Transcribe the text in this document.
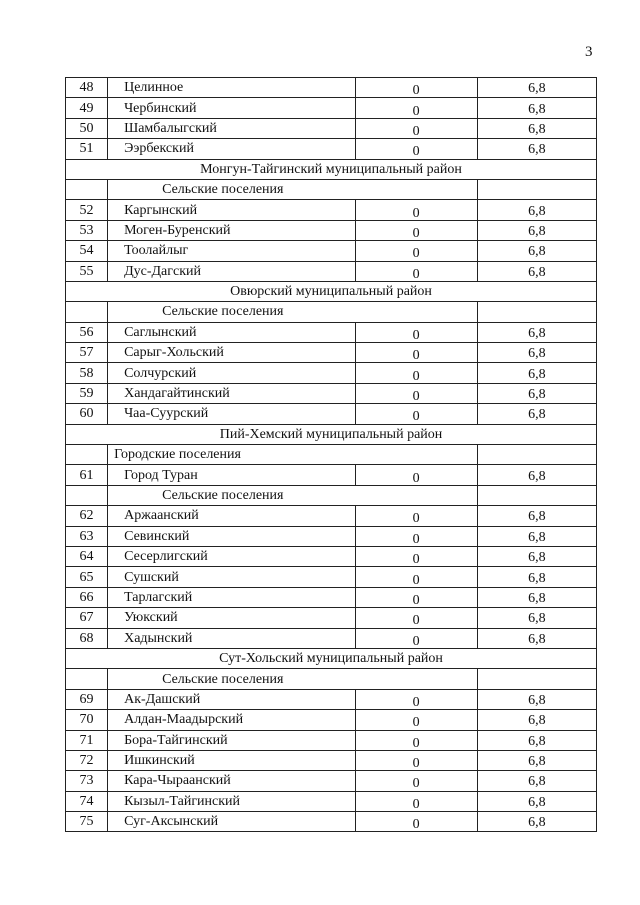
3
48	Целинное	0	6,8
49	Чербинский	0	6,8
50	Шамбалыгский	0	6,8
51	Ээрбекский	0	6,8
Монгун-Тайгинский муниципальный район			
	Сельские поселения		
52	Каргынский	0	6,8
53	Моген-Буренский	0	6,8
54	Тоолайлыг	0	6,8
55	Дус-Дагский	0	6,8
Овюрский муниципальный район			
	Сельские поселения		
56	Саглынский	0	6,8
57	Сарыг-Хольский	0	6,8
58	Солчурский	0	6,8
59	Хандагайтинский	0	6,8
60	Чаа-Суурский	0	6,8
Пий-Хемский муниципальный район			
	Городские поселения		
61	Город Туран	0	6,8
	Сельские поселения		
62	Аржаанский	0	6,8
63	Севинский	0	6,8
64	Сесерлигский	0	6,8
65	Сушский	0	6,8
66	Тарлагский	0	6,8
67	Уюкский	0	6,8
68	Хадынский	0	6,8
Сут-Хольский муниципальный район			
	Сельские поселения		
69	Ак-Дашский	0	6,8
70	Алдан-Маадырский	0	6,8
71	Бора-Тайгинский	0	6,8
72	Ишкинский	0	6,8
73	Кара-Чыраанский	0	6,8
74	Кызыл-Тайгинский	0	6,8
75	Суг-Аксынский	0	6,8
